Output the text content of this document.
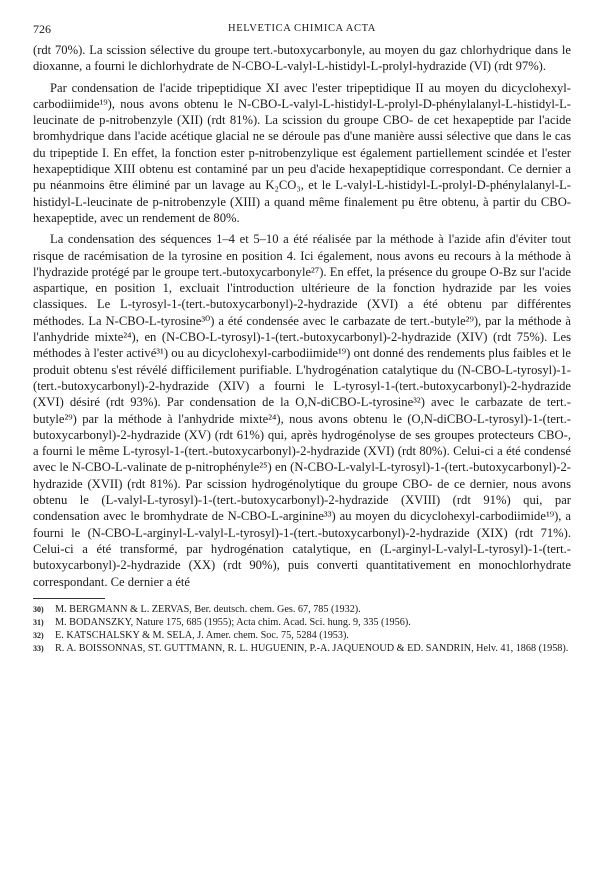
726	HELVETICA CHIMICA ACTA

(rdt 70%). La scission sélective du groupe tert.-butoxycarbonyle, au moyen du gaz chlorhydrique dans le dioxanne, a fourni le dichlorhydrate de N-CBO-L-valyl-L-histidyl-L-prolyl-hydrazide (VI) (rdt 97%).

Par condensation de l'acide tripeptidique XI avec l'ester tripeptidique II au moyen du dicyclohexyl-carbodiimide¹⁹), nous avons obtenu le N-CBO-L-valyl-L-histidyl-L-prolyl-D-phénylalanyl-L-histidyl-L-leucinate de p-nitrobenzyle (XII) (rdt 81%). La scission du groupe CBO- de cet hexapeptide par l'acide bromhydrique dans l'acide acétique glacial ne se déroule pas d'une manière aussi sélective que dans le cas du tripeptide I. En effet, la fonction ester p-nitrobenzylique est également partiellement scindée et l'ester hexapeptidique XIII obtenu est contaminé par un peu d'acide hexapeptidique correspondant. Ce dernier a pu néanmoins être éliminé par un lavage au K₂CO₃, et le L-valyl-L-histidyl-L-prolyl-D-phénylalanyl-L-histidyl-L-leucinate de p-nitrobenzyle (XIII) a quand même finalement pu être obtenu, à partir du CBO-hexapeptide, avec un rendement de 80%.

La condensation des séquences 1–4 et 5–10 a été réalisée par la méthode à l'azide afin d'éviter tout risque de racémisation de la tyrosine en position 4. Ici également, nous avons eu recours à la méthode à l'hydrazide protégé par le groupe tert.-butoxycarbonyle²⁷). En effet, la présence du groupe O-Bz sur l'acide aspartique, en position 1, excluait l'introduction ultérieure de la fonction hydrazide par les voies classiques. Le L-tyrosyl-1-(tert.-butoxycarbonyl)-2-hydrazide (XVI) a été obtenu par différentes méthodes. La N-CBO-L-tyrosine³⁰) a été condensée avec le carbazate de tert.-butyle²⁹), par la méthode à l'anhydride mixte²⁴), en (N-CBO-L-tyrosyl)-1-(tert.-butoxycarbonyl)-2-hydrazide (XIV) (rdt 75%). Les méthodes à l'ester activé³¹) ou au dicyclohexyl-carbodiimide¹⁹) ont donné des rendements plus faibles et le produit obtenu s'est révélé difficilement purifiable. L'hydrogénation catalytique du (N-CBO-L-tyrosyl)-1-(tert.-butoxycarbonyl)-2-hydrazide (XIV) a fourni le L-tyrosyl-1-(tert.-butoxycarbonyl)-2-hydrazide (XVI) désiré (rdt 93%). Par condensation de la O,N-diCBO-L-tyrosine³²) avec le carbazate de tert.-butyle²⁹) par la méthode à l'anhydride mixte²⁴), nous avons obtenu le (O,N-diCBO-L-tyrosyl)-1-(tert.-butoxycarbonyl)-2-hydrazide (XV) (rdt 61%) qui, après hydrogénolyse de ses groupes protecteurs CBO-, a fourni le même L-tyrosyl-1-(tert.-butoxycarbonyl)-2-hydrazide (XVI) (rdt 80%). Celui-ci a été condensé avec le N-CBO-L-valinate de p-nitrophényle²⁵) en (N-CBO-L-valyl-L-tyrosyl)-1-(tert.-butoxycarbonyl)-2-hydrazide (XVII) (rdt 81%). Par scission hydrogénolytique du groupe CBO- de ce dernier, nous avons obtenu le (L-valyl-L-tyrosyl)-1-(tert.-butoxycarbonyl)-2-hydrazide (XVIII) (rdt 91%) qui, par condensation avec le bromhydrate de N-CBO-L-arginine³³) au moyen du dicyclohexyl-carbodiimide¹⁹), a fourni le (N-CBO-L-arginyl-L-valyl-L-tyrosyl)-1-(tert.-butoxycarbonyl)-2-hydrazide (XIX) (rdt 71%). Celui-ci a été transformé, par hydrogénation catalytique, en (L-arginyl-L-valyl-L-tyrosyl)-1-(tert.-butoxycarbonyl)-2-hydrazide (XX) (rdt 90%), puis converti quantitativement en monochlorhydrate correspondant. Ce dernier a été

30) M. BERGMANN & L. ZERVAS, Ber. deutsch. chem. Ges. 67, 785 (1932).
31) M. BODANSZKY, Nature 175, 685 (1955); Acta chim. Acad. Sci. hung. 9, 335 (1956).
32) E. KATSCHALSKY & M. SELA, J. Amer. chem. Soc. 75, 5284 (1953).
33) R. A. BOISSONNAS, ST. GUTTMANN, R. L. HUGUENIN, P.-A. JAQUENOUD & ED. SANDRIN, Helv. 41, 1868 (1958).
